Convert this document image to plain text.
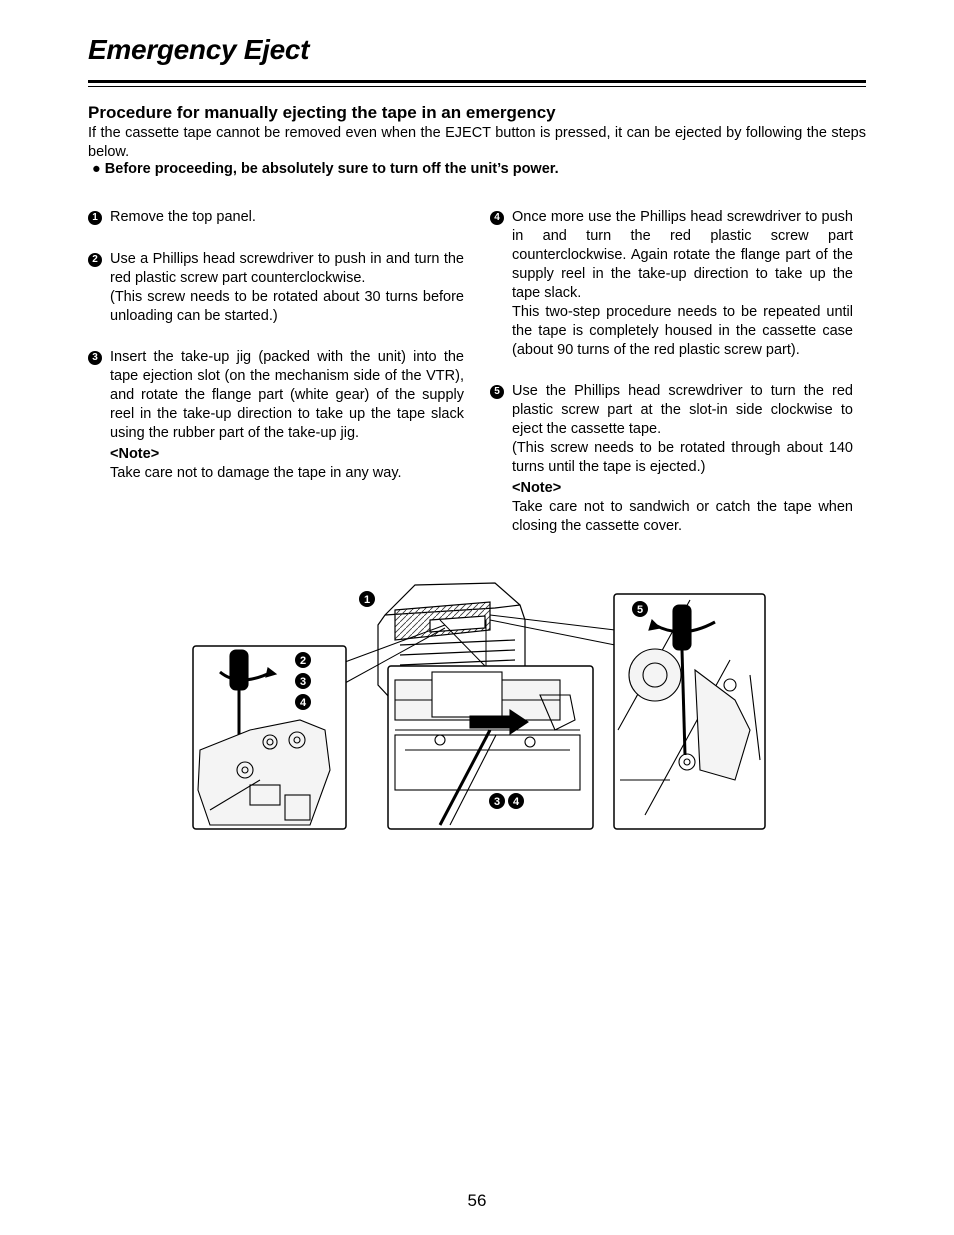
Emergency Eject
Procedure for manually ejecting the tape in an emergency

If the cassette tape cannot be removed even when the EJECT button is pressed, it can be ejected by following the steps below.

● Before proceeding, be absolutely sure to turn off the unit’s power.

1 Remove the top panel.

2 Use a Phillips head screwdriver to push in and turn the red plastic screw part counterclockwise.

(This screw needs to be rotated about 30 turns before unloading can be started.)

3 Insert the take-up jig (packed with the unit) into the tape ejection slot (on the mechanism side of the VTR), and rotate the flange part (white gear) of the supply reel in the take-up direction to take up the tape slack using the rubber part of the take-up jig.

<Note>

Take care not to damage the tape in any way.

4 Once more use the Phillips head screwdriver to push in and turn the red plastic screw part counterclockwise. Again rotate the flange part of the supply reel in the take-up direction to take up the tape slack.

This two-step procedure needs to be repeated until the tape is completely housed in the cassette case (about 90 turns of the red plastic screw part).

5 Use the Phillips head screwdriver to turn the red plastic screw part at the slot-in side clockwise to eject the cassette tape.

(This screw needs to be rotated through about 140 turns until the tape is ejected.)

<Note>

Take care not to sandwich or catch the tape when closing the cassette cover.

1
2
3
4
3 4
5

56
